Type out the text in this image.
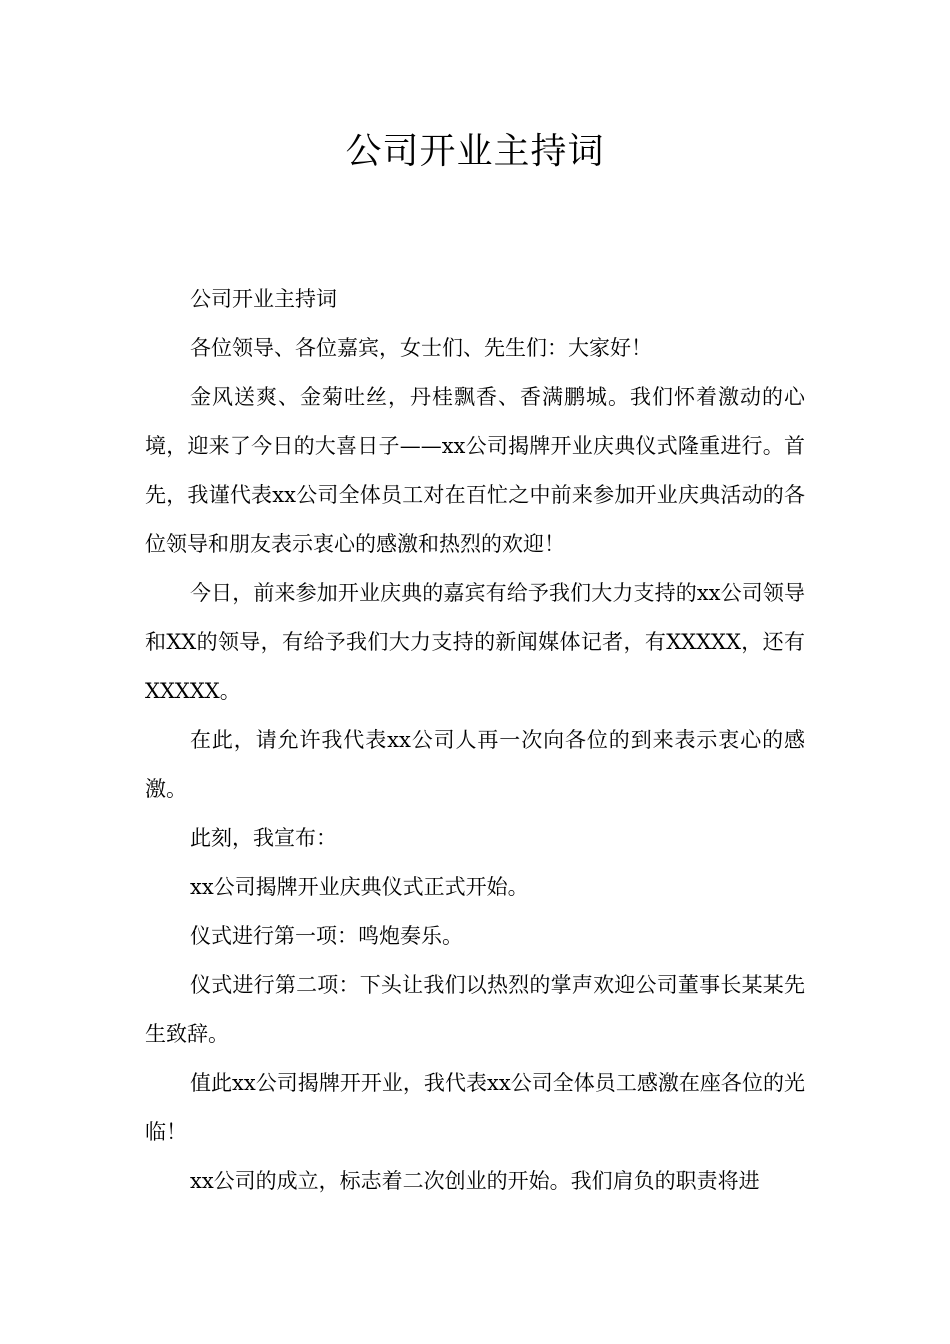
公司开业主持词

公司开业主持词

各位领导、各位嘉宾，女士们、先生们：大家好！

金风送爽、金菊吐丝，丹桂飘香、香满鹏城。我们怀着激动的心境，迎来了今日的大喜日子——xx公司揭牌开业庆典仪式隆重进行。首先，我谨代表xx公司全体员工对在百忙之中前来参加开业庆典活动的各位领导和朋友表示衷心的感激和热烈的欢迎！

今日，前来参加开业庆典的嘉宾有给予我们大力支持的xx公司领导和XX的领导，有给予我们大力支持的新闻媒体记者，有XXXXX，还有XXXXX。

在此，请允许我代表xx公司人再一次向各位的到来表示衷心的感激。

此刻，我宣布：

xx公司揭牌开业庆典仪式正式开始。

仪式进行第一项：鸣炮奏乐。

仪式进行第二项：下头让我们以热烈的掌声欢迎公司董事长某某先生致辞。

值此xx公司揭牌开开业，我代表xx公司全体员工感激在座各位的光临！

xx公司的成立，标志着二次创业的开始。我们肩负的职责将进
